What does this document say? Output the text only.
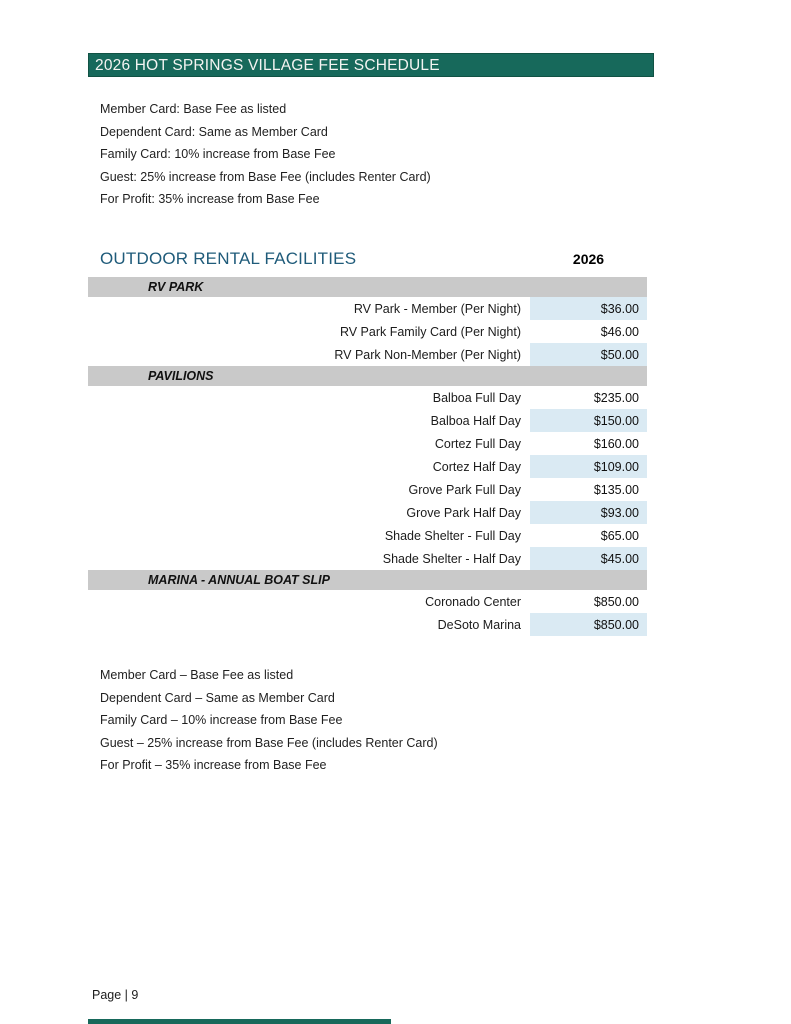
2026 HOT SPRINGS VILLAGE FEE SCHEDULE
Member Card: Base Fee as listed
Dependent Card: Same as Member Card
Family Card: 10% increase from Base Fee
Guest: 25% increase from Base Fee (includes Renter Card)
For Profit: 35% increase from Base Fee
OUTDOOR RENTAL FACILITIES	2026
RV PARK
RV Park - Member (Per Night)	$36.00
RV Park Family Card (Per Night)	$46.00
RV Park Non-Member (Per Night)	$50.00
PAVILIONS
Balboa Full Day	$235.00
Balboa Half Day	$150.00
Cortez Full Day	$160.00
Cortez Half Day	$109.00
Grove Park Full Day	$135.00
Grove Park Half Day	$93.00
Shade Shelter - Full Day	$65.00
Shade Shelter - Half Day	$45.00
MARINA - ANNUAL BOAT SLIP
Coronado Center	$850.00
DeSoto Marina	$850.00
Member Card – Base Fee as listed
Dependent Card – Same as Member Card
Family Card – 10% increase from Base Fee
Guest – 25% increase from Base Fee (includes Renter Card)
For Profit – 35% increase from Base Fee
Page | 9
